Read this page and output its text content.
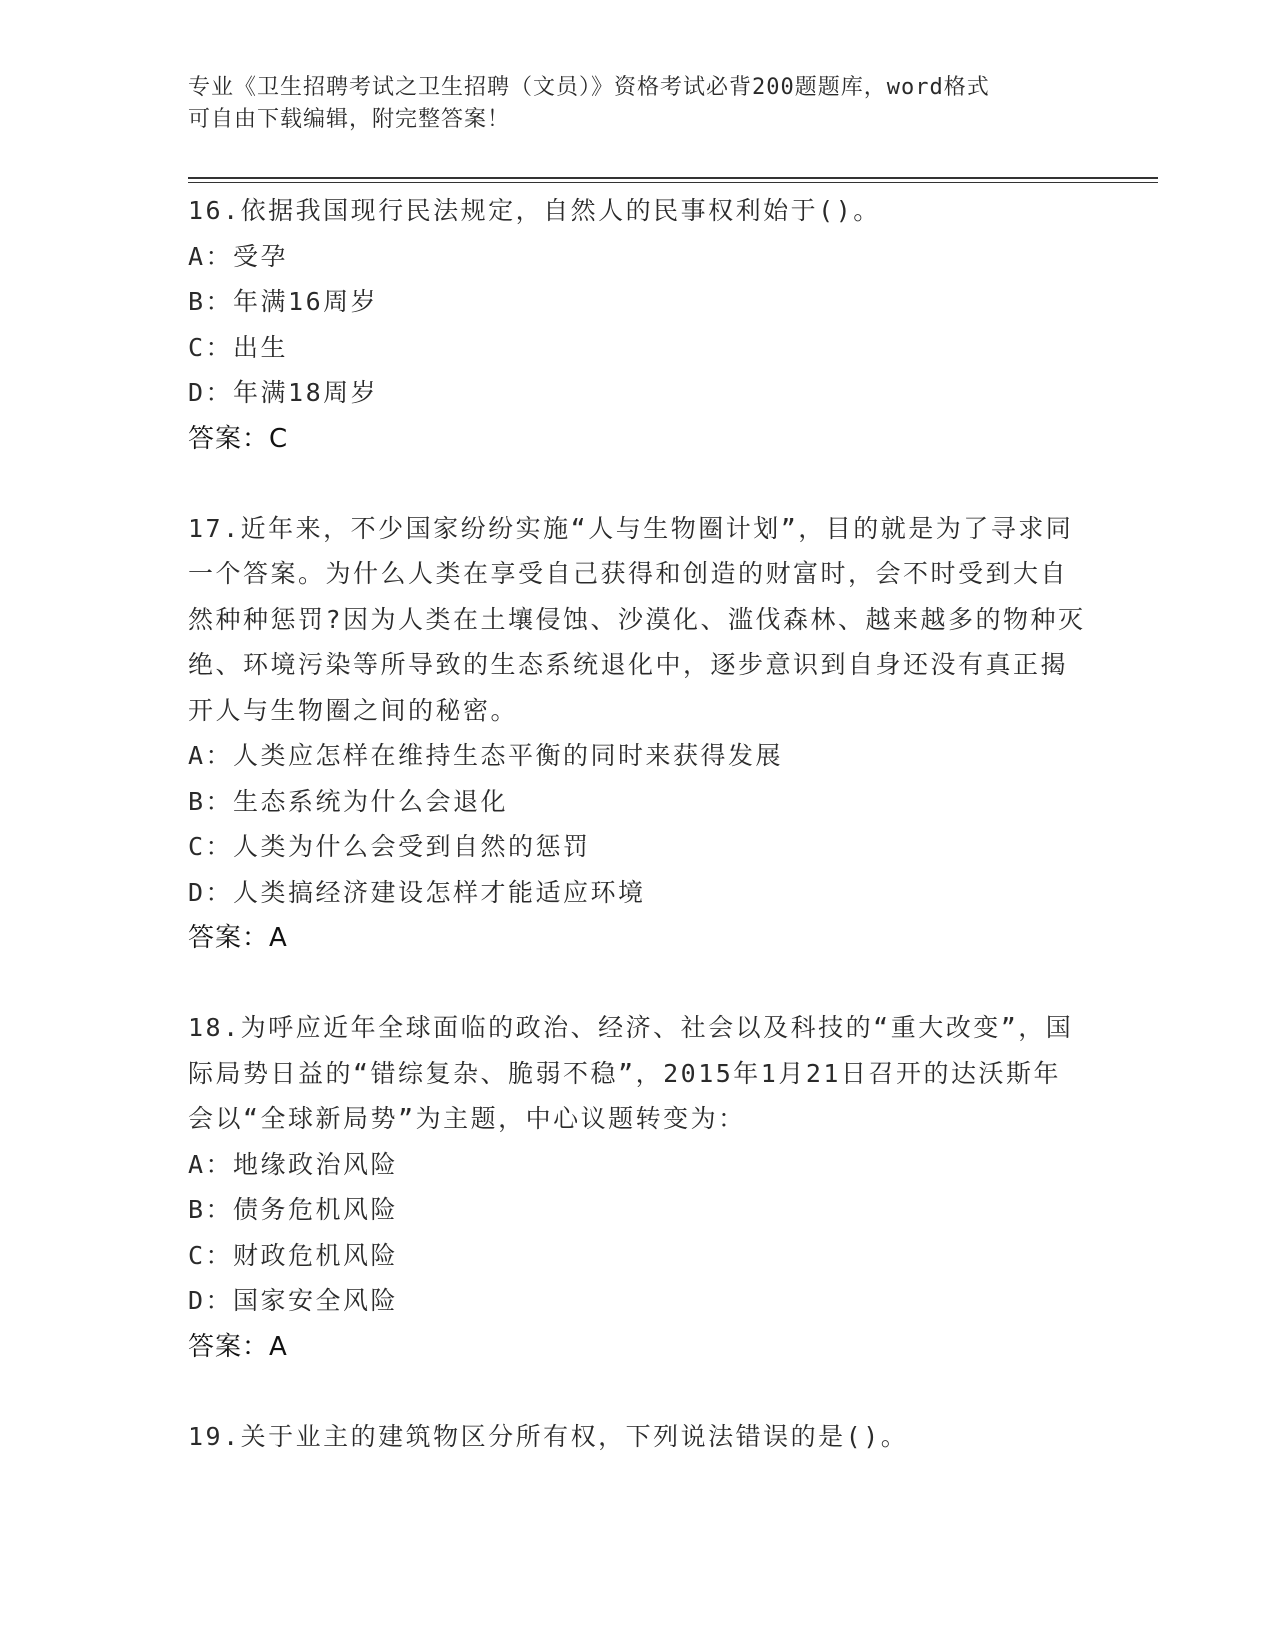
专业《卫生招聘考试之卫生招聘（文员）》资格考试必背200题题库，word格式
可自由下载编辑，附完整答案！
16.依据我国现行民法规定，自然人的民事权利始于()。
A：受孕
B：年满16周岁
C：出生
D：年满18周岁
答案：C
17.近年来，不少国家纷纷实施“人与生物圈计划”，目的就是为了寻求同一个答案。为什么人类在享受自己获得和创造的财富时，会不时受到大自然种种惩罚?因为人类在土壤侵蚀、沙漠化、滥伐森林、越来越多的物种灭绝、环境污染等所导致的生态系统退化中，逐步意识到自身还没有真正揭开人与生物圈之间的秘密。
A：人类应怎样在维持生态平衡的同时来获得发展
B：生态系统为什么会退化
C：人类为什么会受到自然的惩罚
D：人类搞经济建设怎样才能适应环境
答案：A
18.为呼应近年全球面临的政治、经济、社会以及科技的“重大改变”，国际局势日益的“错综复杂、脆弱不稳”，2015年1月21日召开的达沃斯年会以“全球新局势”为主题，中心议题转变为：
A：地缘政治风险
B：债务危机风险
C：财政危机风险
D：国家安全风险
答案：A
19.关于业主的建筑物区分所有权，下列说法错误的是()。
